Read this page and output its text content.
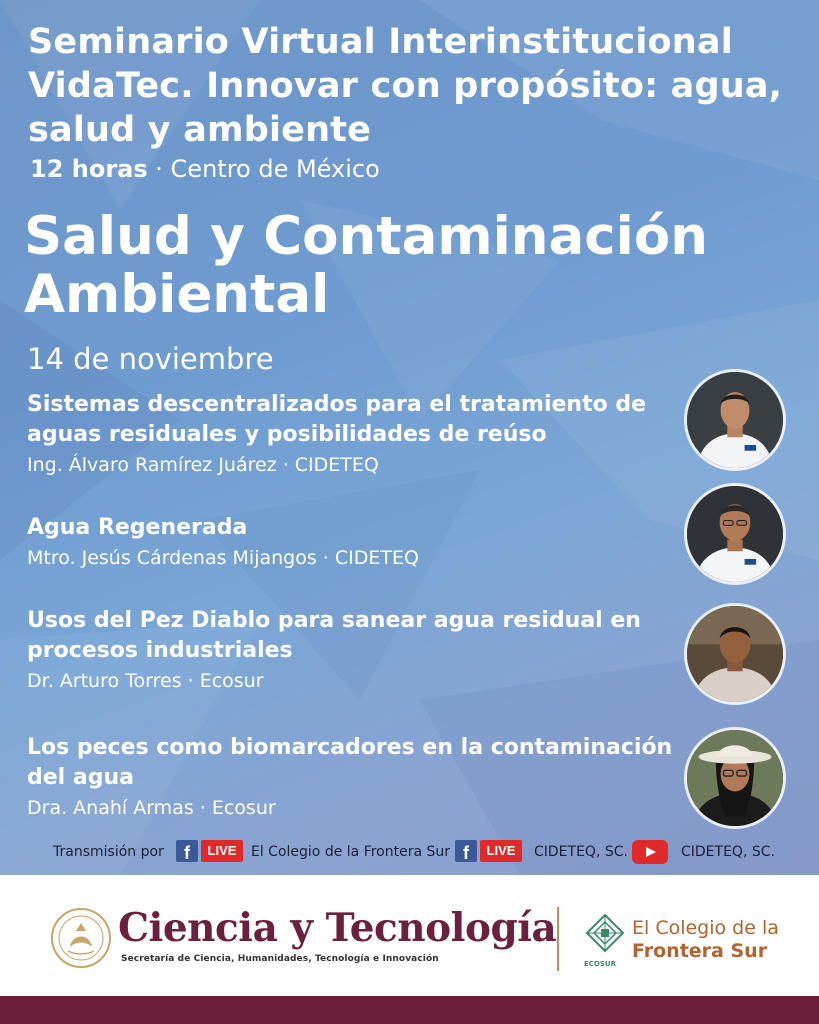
Seminario Virtual Interinstitucional VidaTec. Innovar con propósito: agua, salud y ambiente
12 horas · Centro de México
Salud y Contaminación Ambiental
14 de noviembre
Sistemas descentralizados para el tratamiento de aguas residuales y posibilidades de reúso
Ing. Álvaro Ramírez Juárez · CIDETEQ
Agua Regenerada
Mtro. Jesús Cárdenas Mijangos · CIDETEQ
Usos del Pez Diablo para sanear agua residual en procesos industriales
Dr. Arturo Torres · Ecosur
Los peces como biomarcadores en la contaminación del agua
Dra. Anahí Armas · Ecosur
Transmisión por	f	LIVE	El Colegio de la Frontera Sur f	LIVE	CIDETEQ, SC.	CIDETEQ, SC.
Ciencia y Tecnología
Secretaría de Ciencia, Humanidades, Tecnología e Innovación	ECOSUR
El Colegio de la
Frontera Sur
